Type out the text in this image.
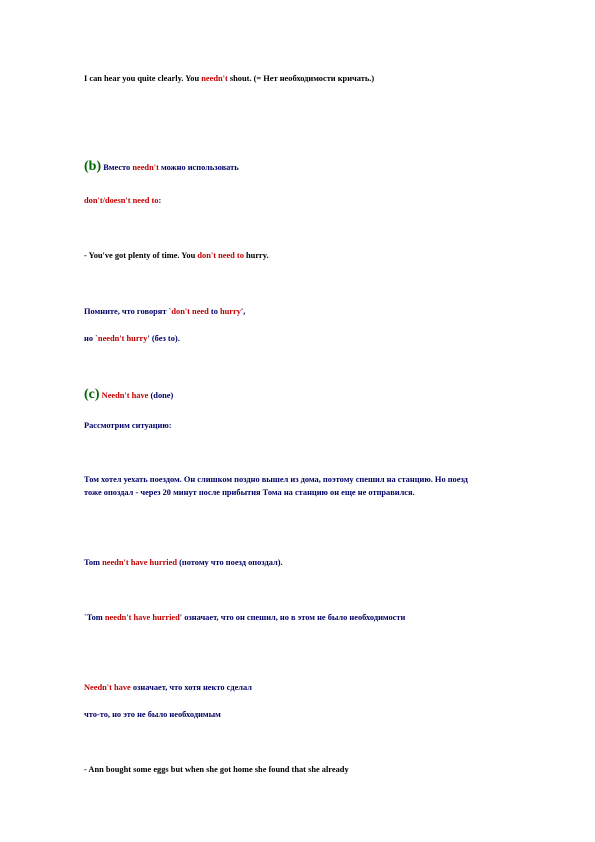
I can hear you quite clearly. You needn't shout. (= Нет необходимости кричать.)
(b) Вместо needn't можно использовать
don't/doesn't need to:
- You've got plenty of time. You don't need to hurry.
Помните, что говорят `don't need to hurry',
но `needn't hurry' (без to).
(c) Needn't have (done)
Рассмотрим ситуацию:
Том хотел уехать поездом. Он слишком поздно вышел из дома, поэтому спешил на станцию. Но поезд тоже опоздал - через 20 минут после прибытия Тома на станцию он еще не отправился.
Tom needn't have hurried (потому что поезд опоздал).
`Tom needn't have hurried' означает, что он спешил, но в этом не было необходимости
Needn't have означает, что хотя некто сделал
что-то, но это не было необходимым
- Ann bought some eggs but when she got home she found that she already
